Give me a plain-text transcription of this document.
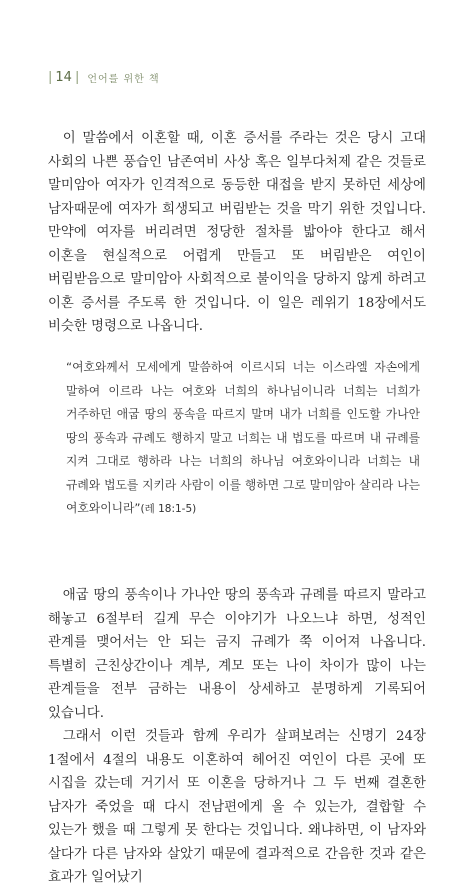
| 14 | 언어를 위한 책

이 말씀에서 이혼할 때, 이혼 증서를 주라는 것은 당시 고대 사회의 나쁜 풍습인 남존여비 사상 혹은 일부다처제 같은 것들로 말미암아 여자가 인격적으로 동등한 대접을 받지 못하던 세상에 남자때문에 여자가 희생되고 버림받는 것을 막기 위한 것입니다. 만약에 여자를 버리려면 정당한 절차를 밟아야 한다고 해서 이혼을 현실적으로 어렵게 만들고 또 버림받은 여인이 버림받음으로 말미암아 사회적으로 불이익을 당하지 않게 하려고 이혼 증서를 주도록 한 것입니다. 이 일은 레위기 18장에서도 비슷한 명령으로 나옵니다.

“여호와께서 모세에게 말씀하여 이르시되 너는 이스라엘 자손에게 말하여 이르라 나는 여호와 너희의 하나님이니라 너희는 너희가 거주하던 애굽 땅의 풍속을 따르지 말며 내가 너희를 인도할 가나안 땅의 풍속과 규례도 행하지 말고 너희는 내 법도를 따르며 내 규례를 지켜 그대로 행하라 나는 너희의 하나님 여호와이니라 너희는 내 규례와 법도를 지키라 사람이 이를 행하면 그로 말미암아 살리라 나는 여호와이니라”(레 18:1-5)

애굽 땅의 풍속이나 가나안 땅의 풍속과 규례를 따르지 말라고 해놓고 6절부터 길게 무슨 이야기가 나오느냐 하면, 성적인 관계를 맺어서는 안 되는 금지 규례가 쭉 이어져 나옵니다. 특별히 근친상간이나 계부, 계모 또는 나이 차이가 많이 나는 관계들을 전부 금하는 내용이 상세하고 분명하게 기록되어 있습니다.

그래서 이런 것들과 함께 우리가 살펴보려는 신명기 24장 1절에서 4절의 내용도 이혼하여 헤어진 여인이 다른 곳에 또 시집을 갔는데 거기서 또 이혼을 당하거나 그 두 번째 결혼한 남자가 죽었을 때 다시 전남편에게 올 수 있는가, 결합할 수 있는가 했을 때 그렇게 못 한다는 것입니다. 왜냐하면, 이 남자와 살다가 다른 남자와 살았기 때문에 결과적으로 간음한 것과 같은 효과가 일어났기
